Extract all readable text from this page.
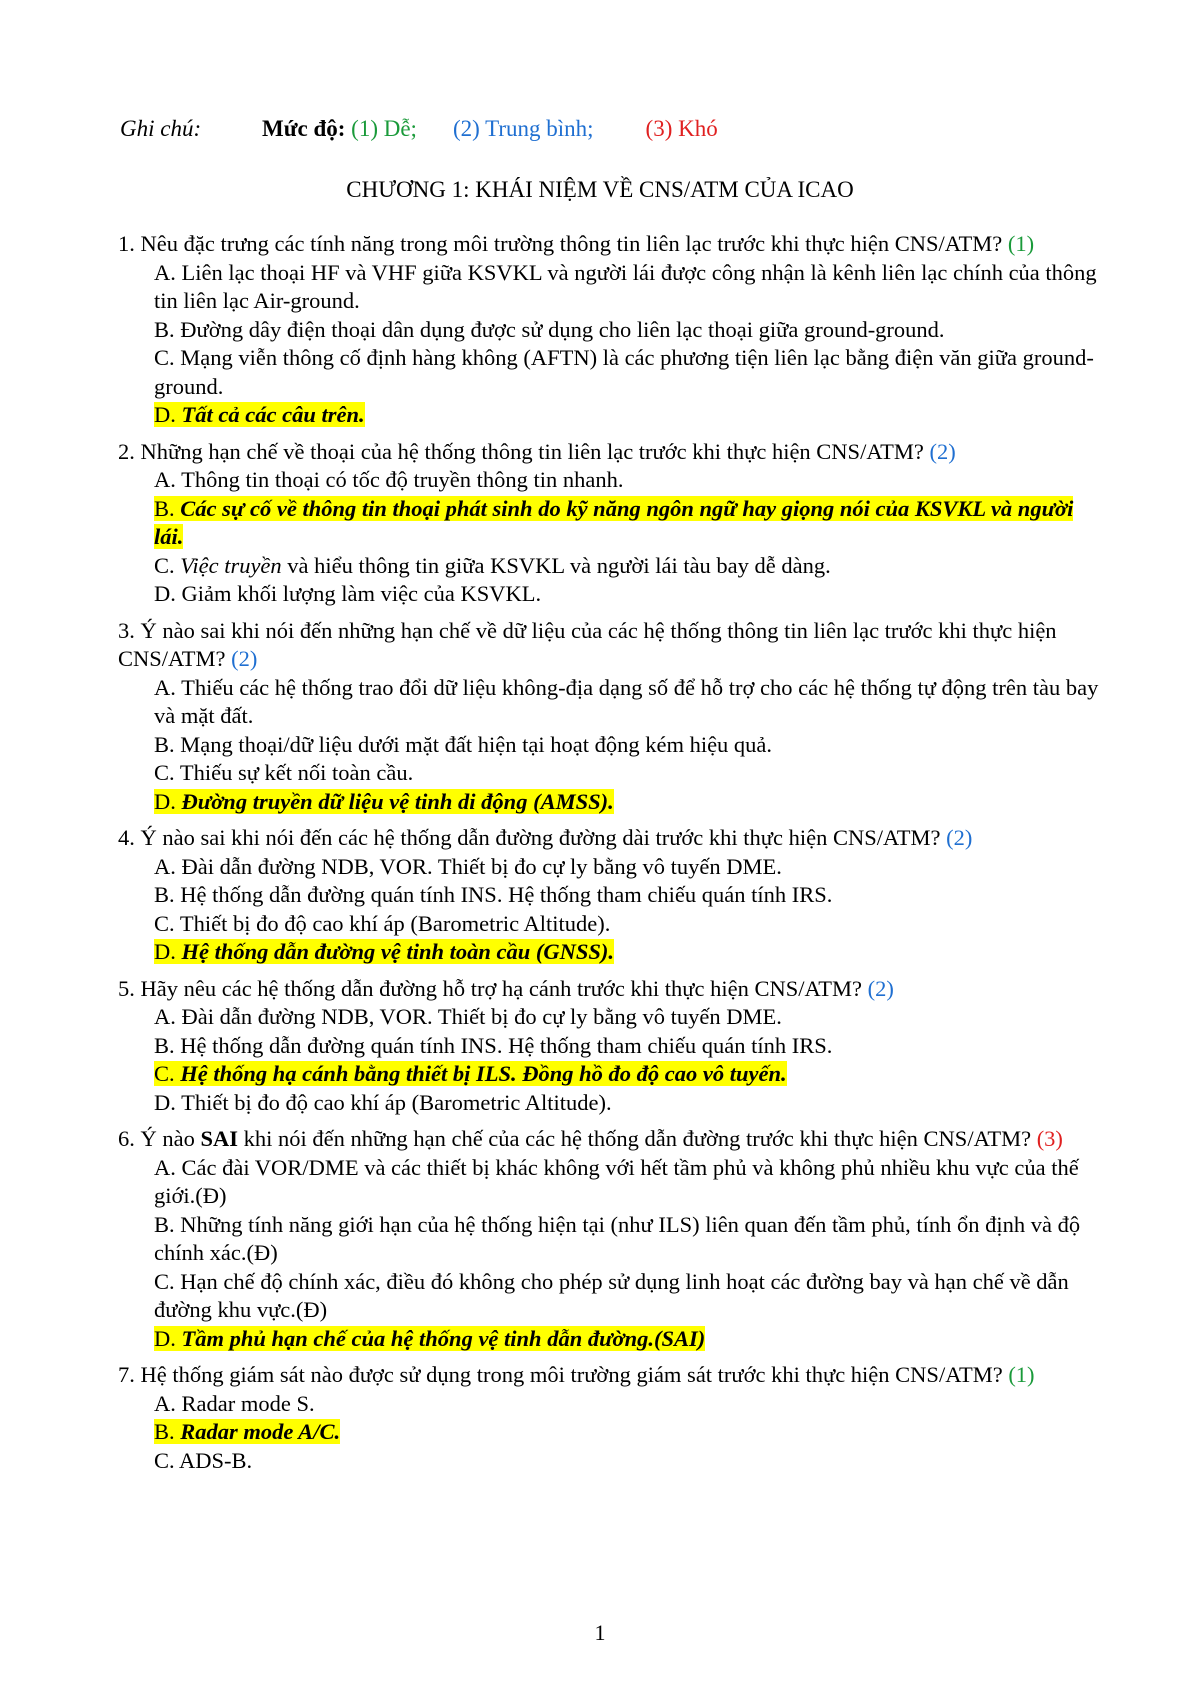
Ghi chú:	Mức độ: (1) Dễ; (2) Trung bình; (3) Khó
CHƯƠNG 1: KHÁI NIỆM VỀ CNS/ATM CỦA ICAO

1. Nêu đặc trưng các tính năng trong môi trường thông tin liên lạc trước khi thực hiện CNS/ATM? (1)

A. Liên lạc thoại HF và VHF giữa KSVKL và người lái được công nhận là kênh liên lạc chính của thông tin liên lạc Air-ground.

B. Đường dây điện thoại dân dụng được sử dụng cho liên lạc thoại giữa ground-ground.

C. Mạng viễn thông cố định hàng không (AFTN) là các phương tiện liên lạc bằng điện văn giữa ground-ground.

D. Tất cả các câu trên.

2. Những hạn chế về thoại của hệ thống thông tin liên lạc trước khi thực hiện CNS/ATM? (2)

A. Thông tin thoại có tốc độ truyền thông tin nhanh.

B. Các sự cố về thông tin thoại phát sinh do kỹ năng ngôn ngữ hay giọng nói của KSVKL và người lái.

C. Việc truyền và hiểu thông tin giữa KSVKL và người lái tàu bay dễ dàng.

D. Giảm khối lượng làm việc của KSVKL.

3. Ý nào sai khi nói đến những hạn chế về dữ liệu của các hệ thống thông tin liên lạc trước khi thực hiện CNS/ATM? (2)

A. Thiếu các hệ thống trao đổi dữ liệu không-địa dạng số để hỗ trợ cho các hệ thống tự động trên tàu bay và mặt đất.

B. Mạng thoại/dữ liệu dưới mặt đất hiện tại hoạt động kém hiệu quả.

C. Thiếu sự kết nối toàn cầu.

D. Đường truyền dữ liệu vệ tinh di động (AMSS).

4. Ý nào sai khi nói đến các hệ thống dẫn đường đường dài trước khi thực hiện CNS/ATM? (2)

A. Đài dẫn đường NDB, VOR. Thiết bị đo cự ly bằng vô tuyến DME.

B. Hệ thống dẫn đường quán tính INS. Hệ thống tham chiếu quán tính IRS.

C. Thiết bị đo độ cao khí áp (Barometric Altitude).

D. Hệ thống dẫn đường vệ tinh toàn cầu (GNSS).

5. Hãy nêu các hệ thống dẫn đường hỗ trợ hạ cánh trước khi thực hiện CNS/ATM? (2)

A. Đài dẫn đường NDB, VOR. Thiết bị đo cự ly bằng vô tuyến DME.

B. Hệ thống dẫn đường quán tính INS. Hệ thống tham chiếu quán tính IRS.

C. Hệ thống hạ cánh bằng thiết bị ILS. Đồng hồ đo độ cao vô tuyến.

D. Thiết bị đo độ cao khí áp (Barometric Altitude).

6. Ý nào SAI khi nói đến những hạn chế của các hệ thống dẫn đường trước khi thực hiện CNS/ATM? (3)

A. Các đài VOR/DME và các thiết bị khác không với hết tầm phủ và không phủ nhiều khu vực của thế giới.(Đ)

B. Những tính năng giới hạn của hệ thống hiện tại (như ILS) liên quan đến tầm phủ, tính ổn định và độ chính xác.(Đ)

C. Hạn chế độ chính xác, điều đó không cho phép sử dụng linh hoạt các đường bay và hạn chế về dẫn đường khu vực.(Đ)

D. Tầm phủ hạn chế của hệ thống vệ tinh dẫn đường.(SAI)

7. Hệ thống giám sát nào được sử dụng trong môi trường giám sát trước khi thực hiện CNS/ATM? (1)

A. Radar mode S.

B. Radar mode A/C.

C. ADS-B.

1
